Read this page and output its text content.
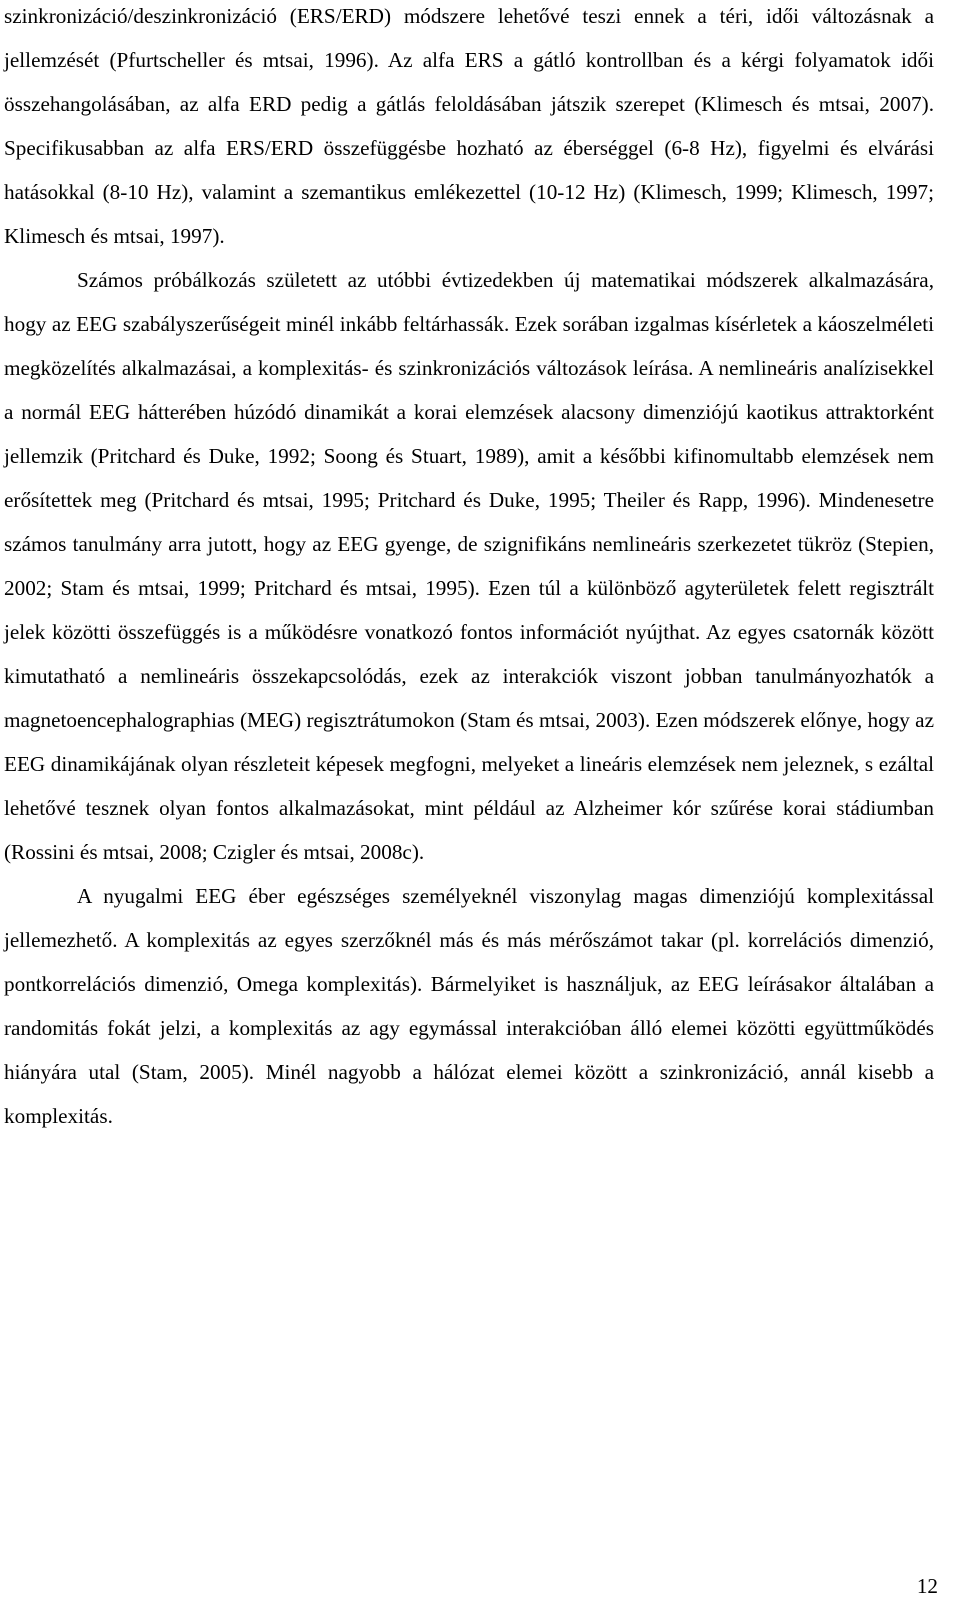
szinkronizáció/deszinkronizáció (ERS/ERD) módszere lehetővé teszi ennek a téri, idői változásnak a jellemzését (Pfurtscheller és mtsai, 1996). Az alfa ERS a gátló kontrollban és a kérgi folyamatok idői összehangolásában, az alfa ERD pedig a gátlás feloldásában játszik szerepet (Klimesch és mtsai, 2007). Specifikusabban az alfa ERS/ERD összefüggésbe hozható az éberséggel (6-8 Hz), figyelmi és elvárási hatásokkal (8-10 Hz), valamint a szemantikus emlékezettel (10-12 Hz) (Klimesch, 1999; Klimesch, 1997; Klimesch és mtsai, 1997).

Számos próbálkozás született az utóbbi évtizedekben új matematikai módszerek alkalmazására, hogy az EEG szabályszerűségeit minél inkább feltárhassák. Ezek sorában izgalmas kísérletek a káoszelméleti megközelítés alkalmazásai, a komplexitás- és szinkronizációs változások leírása. A nemlineáris analízisekkel a normál EEG hátterében húzódó dinamikát a korai elemzések alacsony dimenziójú kaotikus attraktorként jellemzik (Pritchard és Duke, 1992; Soong és Stuart, 1989), amit a későbbi kifinomultabb elemzések nem erősítettek meg (Pritchard és mtsai, 1995; Pritchard és Duke, 1995; Theiler és Rapp, 1996). Mindenesetre számos tanulmány arra jutott, hogy az EEG gyenge, de szignifikáns nemlineáris szerkezetet tükröz (Stepien, 2002; Stam és mtsai, 1999; Pritchard és mtsai, 1995). Ezen túl a különböző agyterületek felett regisztrált jelek közötti összefüggés is a működésre vonatkozó fontos információt nyújthat. Az egyes csatornák között kimutatható a nemlineáris összekapcsolódás, ezek az interakciók viszont jobban tanulmányozhatók a magnetoencephalographias (MEG) regisztrátumokon (Stam és mtsai, 2003). Ezen módszerek előnye, hogy az EEG dinamikájának olyan részleteit képesek megfogni, melyeket a lineáris elemzések nem jeleznek, s ezáltal lehetővé tesznek olyan fontos alkalmazásokat, mint például az Alzheimer kór szűrése korai stádiumban (Rossini és mtsai, 2008; Czigler és mtsai, 2008c).

A nyugalmi EEG éber egészséges személyeknél viszonylag magas dimenziójú komplexitással jellemezhető. A komplexitás az egyes szerzőknél más és más mérőszámot takar (pl. korrelációs dimenzió, pontkorrelációs dimenzió, Omega komplexitás). Bármelyiket is használjuk, az EEG leírásakor általában a randomitás fokát jelzi, a komplexitás az agy egymással interakcióban álló elemei közötti együttműködés hiányára utal (Stam, 2005). Minél nagyobb a hálózat elemei között a szinkronizáció, annál kisebb a komplexitás.

12
